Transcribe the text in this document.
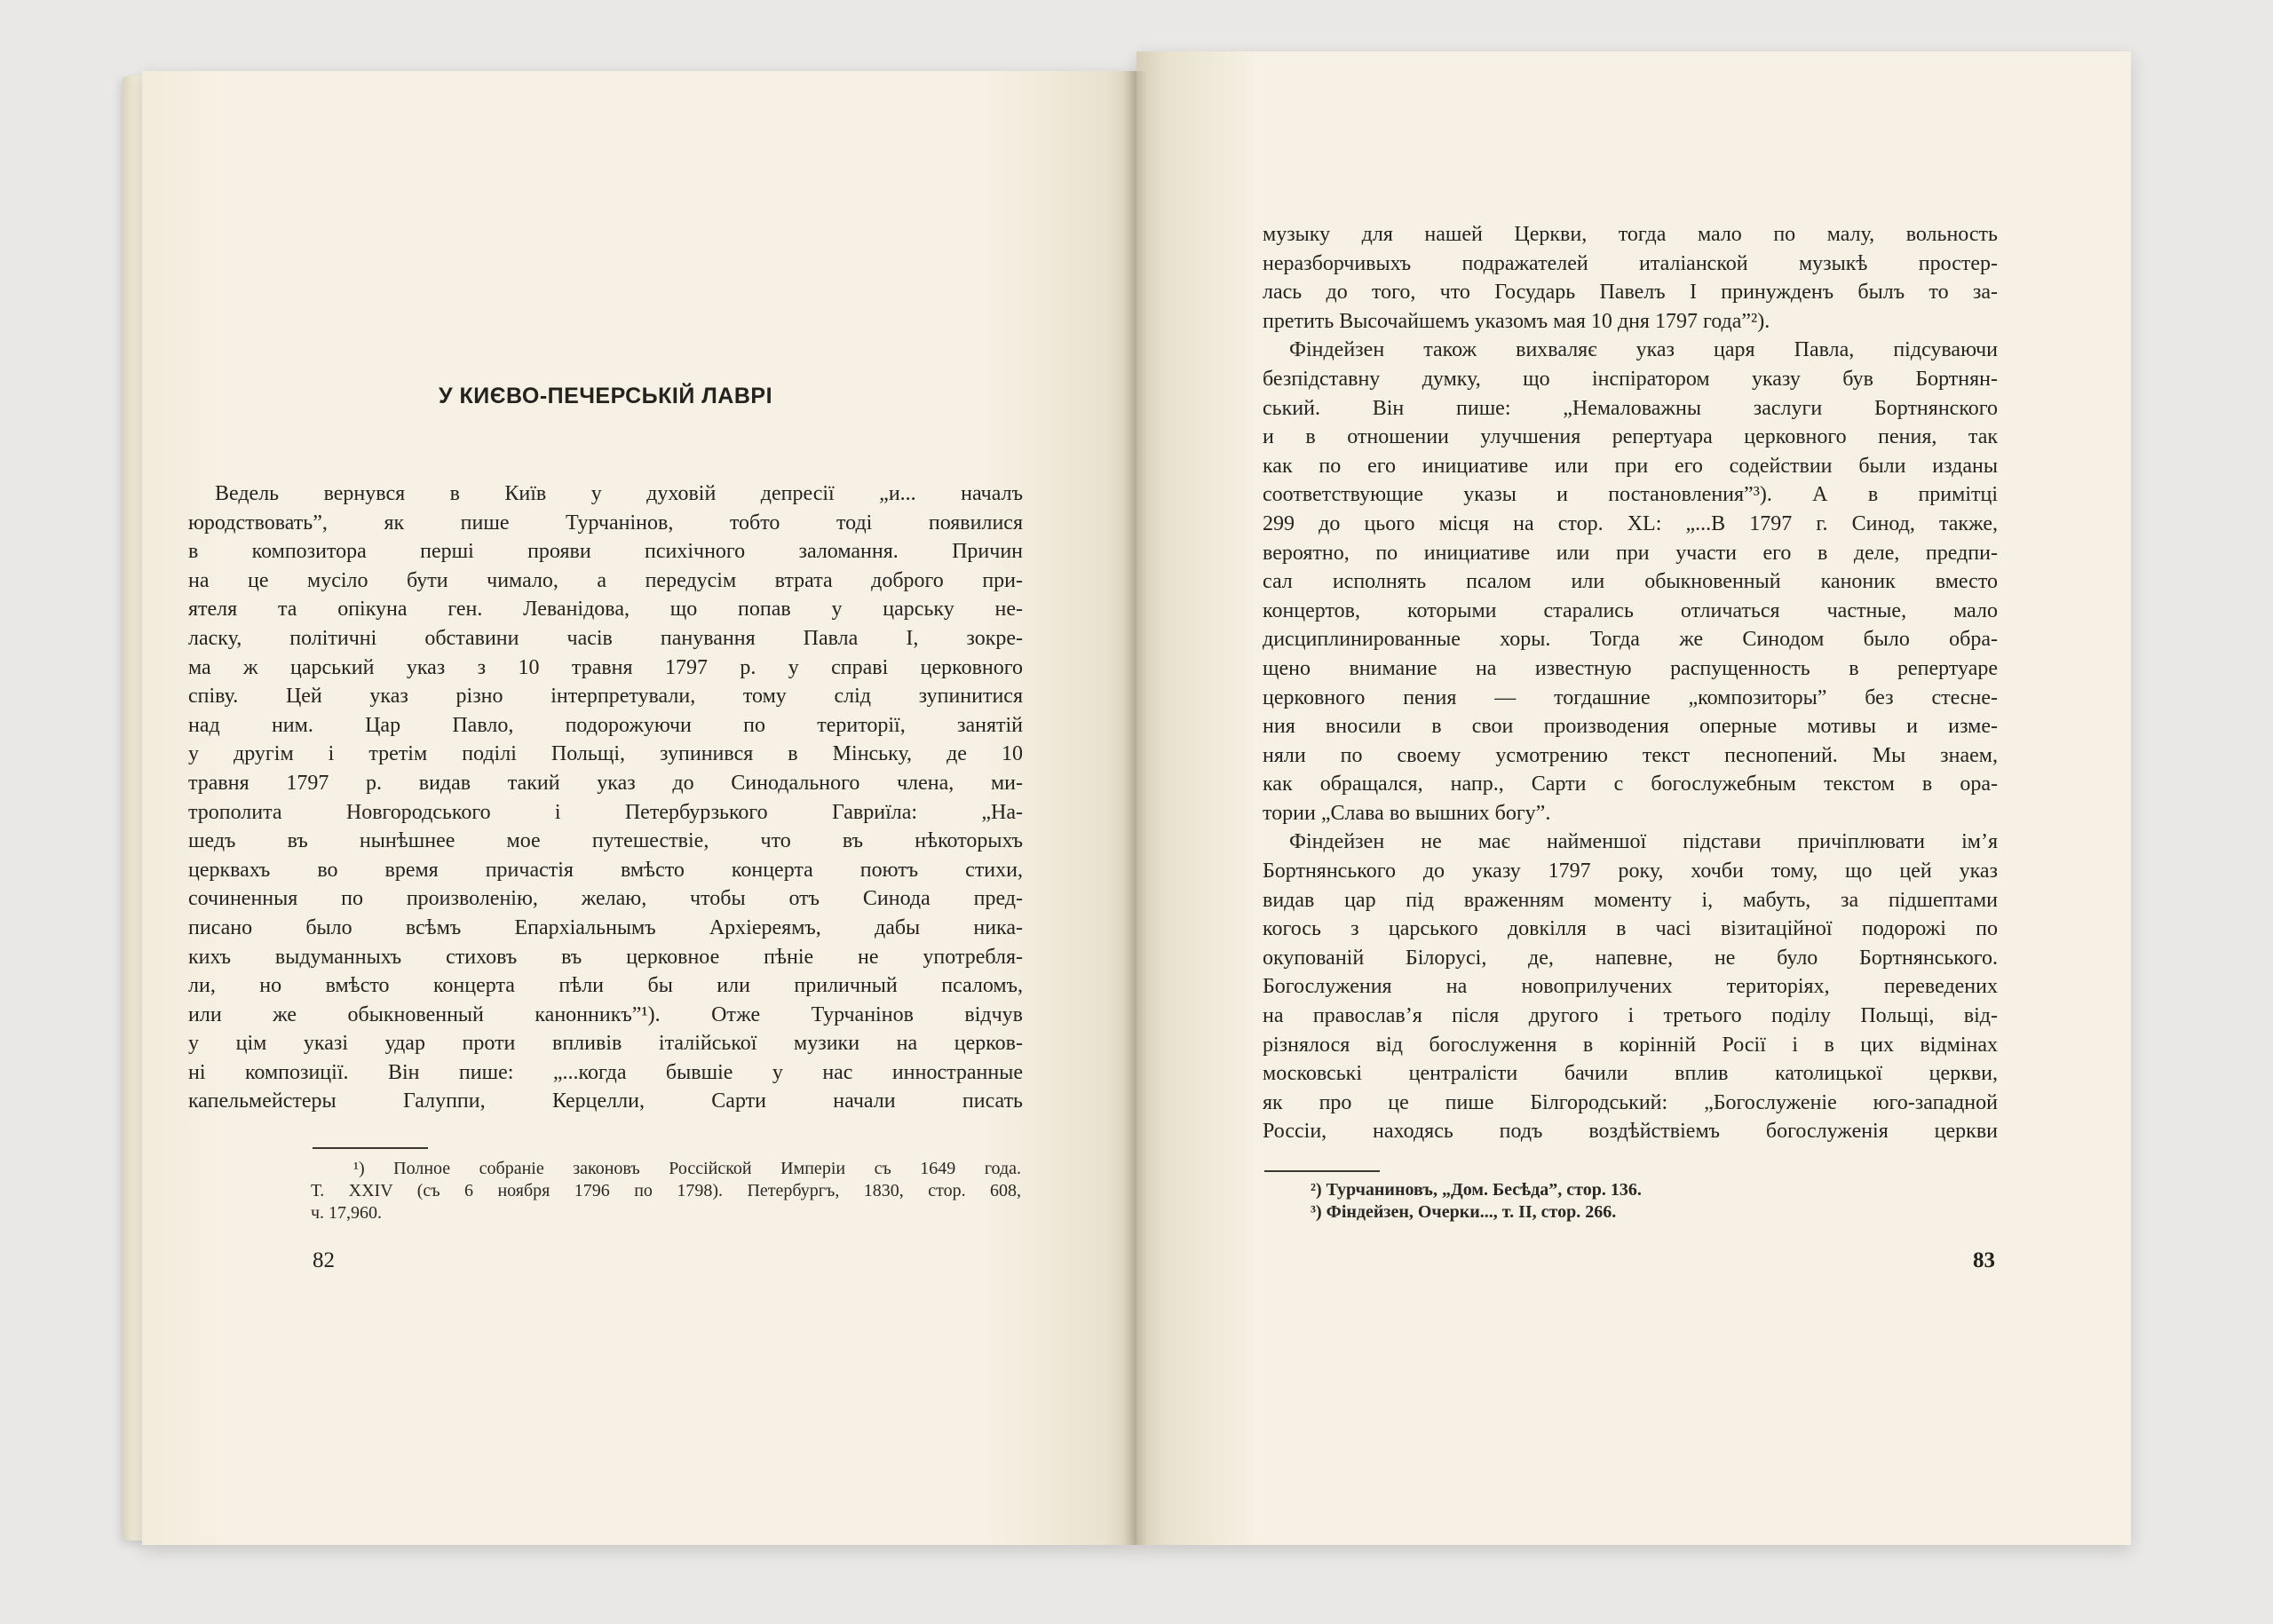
У КИЄВО-ПЕЧЕРСЬКІЙ ЛАВРІ
Ведель вернувся в Київ у духовій депресії „и... началъ
юродствовать”, як пише Турчанінов, тобто тоді появилися
в композитора перші прояви психічного заломання. Причин
на це мусіло бути чимало, а передусім втрата доброго при-
ятеля та опікуна ген. Леванідова, що попав у царську не-
ласку, політичні обставини часів панування Павла I, зокре-
ма ж царський указ з 10 травня 1797 р. у справі церковного
співу. Цей указ різно інтерпретували, тому слід зупинитися
над ним. Цар Павло, подорожуючи по території, занятій
у другім і третім поділі Польщі, зупинився в Мінську, де 10
травня 1797 р. видав такий указ до Синодального члена, ми-
трополита Новгородського і Петербурзького Гавриїла: „На-
шедъ въ нынѣшнее мое путешествіе, что въ нѣкоторыхъ
церквахъ во время причастія вмѣсто концерта поютъ стихи,
сочиненныя по произволенію, желаю, чтобы отъ Синода пред-
писано было всѣмъ Епархіальнымъ Архіереямъ, дабы ника-
кихъ выдуманныхъ стиховъ въ церковное пѣніе не употребля-
ли, но вмѣсто концерта пѣли бы или приличный псаломъ,
или же обыкновенный канонникъ”¹). Отже Турчанінов відчув
у цім указі удар проти впливів італійської музики на церков-
ні композиції. Він пише: „...когда бывшіе у нас иннoстранные
капельмейстеры Галуппи, Керцелли, Сарти начали писать
¹) Полное собраніе законовъ Россійской Имперіи съ 1649 года.
Т. XXIV (съ 6 ноября 1796 по 1798). Петербургъ, 1830, стор. 608,
ч. 17,960.
82
музыку для нашей Церкви, тогда мало по малу, вольность
неразборчивыхъ подражателей италіанской музыкѣ простер-
лась до того, что Государь Павелъ I принужденъ былъ то за-
претить Высочайшемъ указомъ мая 10 дня 1797 года”²).
Фіндейзен також вихваляє указ царя Павла, підсуваючи
безпідставну думку, що інспіратором указу був Бортнян-
ський. Він пише: „Немаловажны заслуги Бортнянского
и в отношении улучшения репертуара церковного пения, так
как по его инициативе или при его содействии были изданы
соответствующие указы и постановления”³). А в примітці
299 до цього місця на стор. XL: „...В 1797 г. Синод, также,
вероятно, по инициативе или при участи его в деле, предпи-
сал исполнять псалом или обыкновенный канoник вместо
концертов, которыми старались отличаться частные, мало
дисциплинированные хоры. Тогда же Синодом было обра-
щено внимание на известную распущенность в репертуаре
церковного пения — тогдашние „композиторы” без стесне-
ния вносили в свои производения оперные мотивы и изме-
няли по своему усмотрению текст песнопений. Мы знаем,
как обращался, напр., Сарти с богослужебным текстом в ора-
тории „Слава во вышних богу”.
Фіндейзен не має найменшої підстави причіплювати ім’я
Бортнянського до указу 1797 року, хочби тому, що цей указ
видав цар під враженням моменту і, мабуть, за підшептами
когось з царського довкілля в часі візитаційної подорожі по
окупованій Білорусі, де, напевне, не було Бортнянського.
Богослужения на новоприлучених територіях, переведених
на православ’я після другого і третього поділу Польщі, від-
різнялося від богослуження в корінній Росії і в цих відмінах
московські централісти бачили вплив католицької церкви,
як про це пише Білгородський: „Богослуженіе юго-западной
Россіи, находясь подъ воздѣйствіемъ богослуженія церкви
²) Турчаниновъ, „Дом. Бесѣда”, стор. 136.
³) Фіндейзен, Очерки..., т. II, стор. 266.
83
